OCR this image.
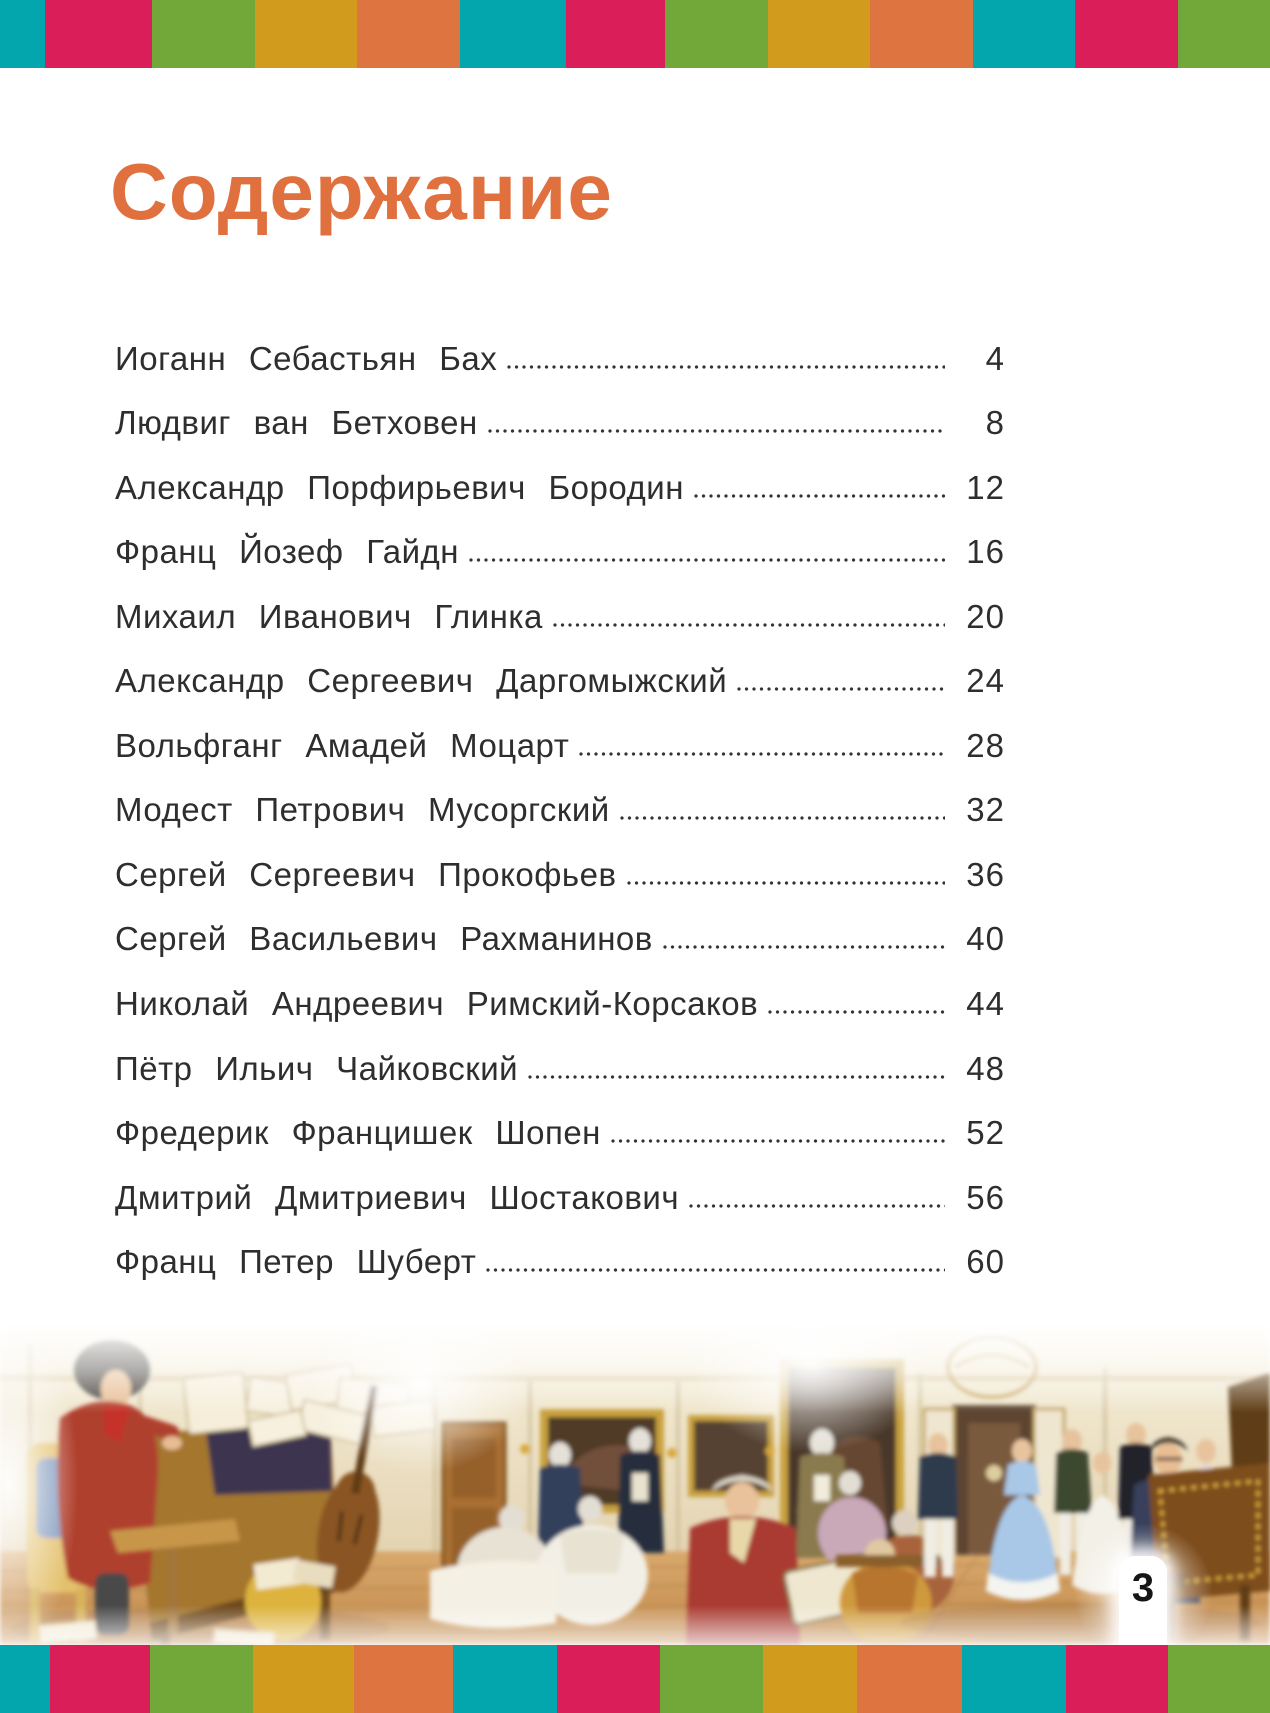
Содержание
Иоганн Себастьян Бах	4
Людвиг ван Бетховен	8
Александр Порфирьевич Бородин	12
Франц Йозеф Гайдн	16
Михаил Иванович Глинка	20
Александр Сергеевич Даргомыжский	24
Вольфганг Амадей Моцарт	28
Модест Петрович Мусоргский	32
Сергей Сергеевич Прокофьев	36
Сергей Васильевич Рахманинов	40
Николай Андреевич Римский-Корсаков	44
Пётр Ильич Чайковский	48
Фредерик Францишек Шопен	52
Дмитрий Дмитриевич Шостакович	56
Франц Петер Шуберт	60
3
